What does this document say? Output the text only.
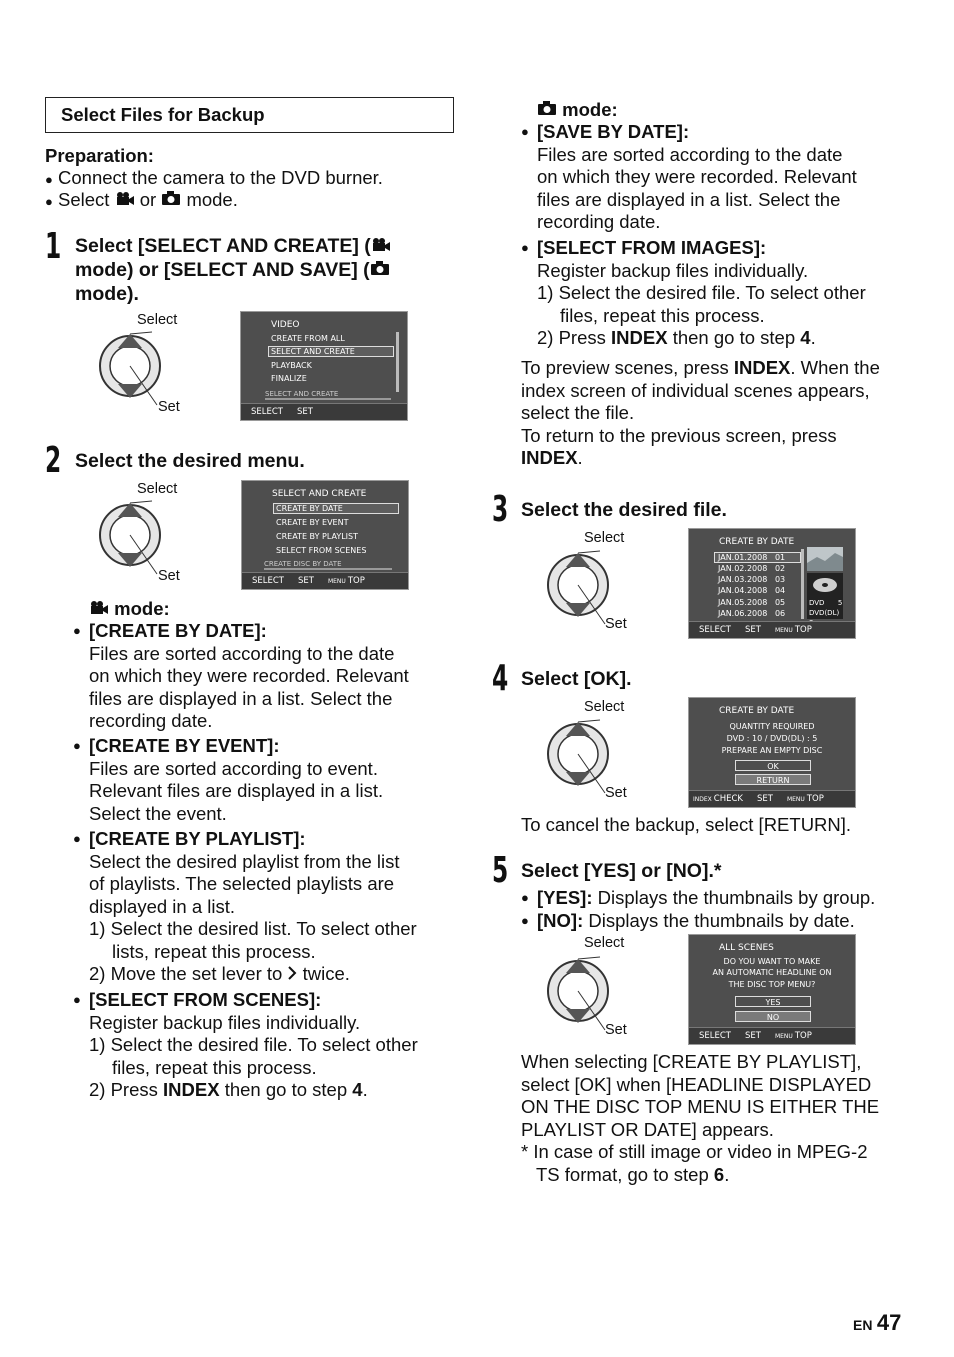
Select Files for Backup
Preparation:
● Connect the camera to the DVD burner.
● Select or mode.
1 Select [SELECT AND CREATE] (
mode) or [SELECT AND SAVE] (
mode).
Select
Set
VIDEO
CREATE FROM ALL
SELECT AND CREATE
PLAYBACK
FINALIZE
SELECT AND CREATE
SELECT SET
2 Select the desired menu.
Select
Set
SELECT AND CREATE
CREATE BY DATE
CREATE BY EVENT
CREATE BY PLAYLIST
SELECT FROM SCENES
CREATE DISC BY DATE
SELECT SET MENU TOP
mode:
● [CREATE BY DATE]:
Files are sorted according to the date
on which they were recorded. Relevant
files are displayed in a list. Select the
recording date.
● [CREATE BY EVENT]:
Files are sorted according to event.
Relevant files are displayed in a list.
Select the event.
● [CREATE BY PLAYLIST]:
Select the desired playlist from the list
of playlists. The selected playlists are
displayed in a list.
1) Select the desired list. To select other
lists, repeat this process.
2) Move the set lever to twice.
● [SELECT FROM SCENES]:
Register backup files individually.
1) Select the desired file. To select other
files, repeat this process.
2) Press INDEX then go to step 4.
mode:
● [SAVE BY DATE]:
Files are sorted according to the date
on which they were recorded. Relevant
files are displayed in a list. Select the
recording date.
● [SELECT FROM IMAGES]:
Register backup files individually.
1) Select the desired file. To select other
files, repeat this process.
2) Press INDEX then go to step 4.
To preview scenes, press INDEX. When the
index screen of individual scenes appears,
select the file.
To return to the previous screen, press
INDEX.
3 Select the desired file.
Select
Set
CREATE BY DATE
JAN.01.2008 01
JAN.02.2008 02
JAN.03.2008 03
JAN.04.2008 04
JAN.05.2008 05
JAN.06.2008 06
DVD 5
DVD(DL)
SELECT SET MENU TOP
4 Select [OK].
Select
Set
CREATE BY DATE
QUANTITY REQUIRED
DVD : 10 / DVD(DL) : 5
PREPARE AN EMPTY DISC
OK
RETURN
INDEX CHECK SET MENU TOP
To cancel the backup, select [RETURN].
5 Select [YES] or [NO].*
● [YES]: Displays the thumbnails by group.
● [NO]: Displays the thumbnails by date.
Select
Set
ALL SCENES
DO YOU WANT TO MAKE
AN AUTOMATIC HEADLINE ON
THE DISC TOP MENU?
YES
NO
SELECT SET MENU TOP
When selecting [CREATE BY PLAYLIST],
select [OK] when [HEADLINE DISPLAYED
ON THE DISC TOP MENU IS EITHER THE
PLAYLIST OR DATE] appears.
* In case of still image or video in MPEG-2
TS format, go to step 6.
EN 47
